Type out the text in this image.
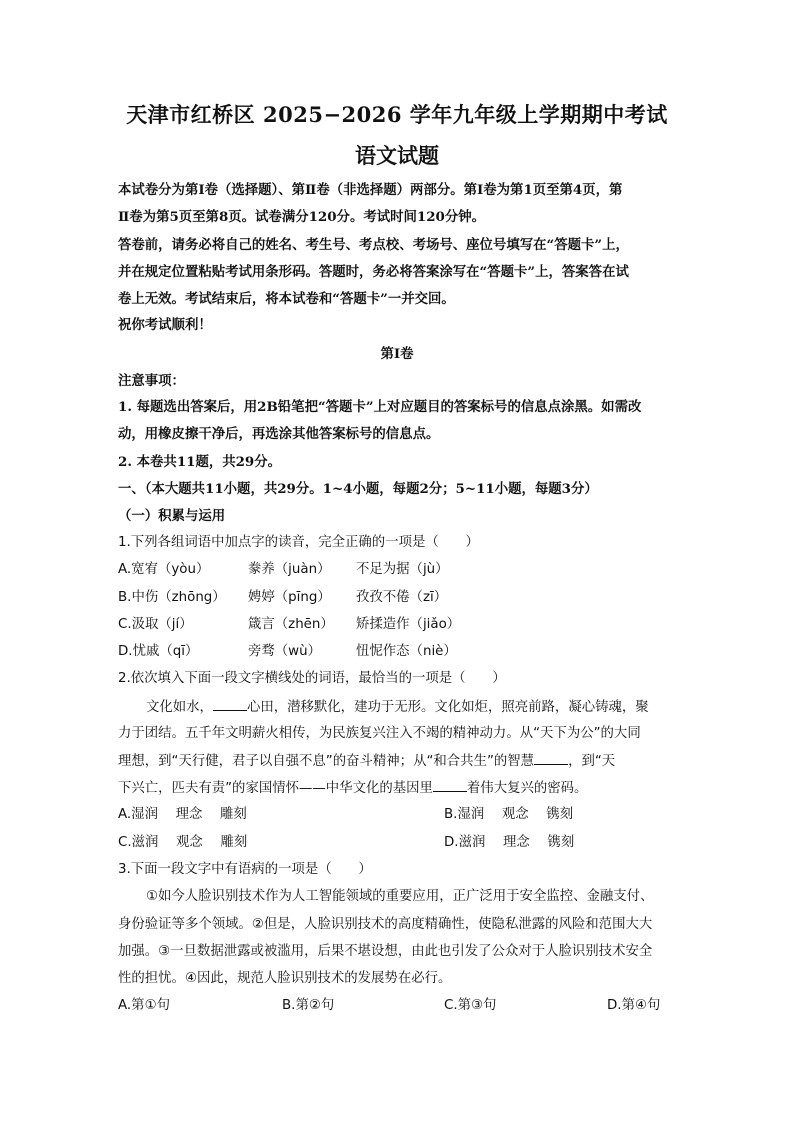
天津市红桥区 2025−2026 学年九年级上学期期中考试
语文试题
本试卷分为第Ⅰ卷（选择题）、第Ⅱ卷（非选择题）两部分。第Ⅰ卷为第1页至第4页，第
Ⅱ卷为第5页至第8页。试卷满分120分。考试时间120分钟。
答卷前，请务必将自己的姓名、考生号、考点校、考场号、座位号填写在“答题卡”上，
并在规定位置粘贴考试用条形码。答题时，务必将答案涂写在“答题卡”上，答案答在试
卷上无效。考试结束后，将本试卷和“答题卡”一并交回。
祝你考试顺利！
第Ⅰ卷
注意事项：
1. 每题选出答案后，用2B铅笔把“答题卡”上对应题目的答案标号的信息点涂黑。如需改
动，用橡皮擦干净后，再选涂其他答案标号的信息点。
2. 本卷共11题，共29分。
一、（本大题共11小题，共29分。1~4小题，每题2分；5~11小题，每题3分）
（一）积累与运用
1.下列各组词语中加点字的读音，完全正确的一项是（　　）
A.宽宥（yòu）	豢养（juàn） 不足为据（jù）
B.中伤（zhōng） 娉婷（pīng） 孜孜不倦（zī）
C.汲取（jí）	箴言（zhēn） 矫揉造作（jiǎo）
D.忧戚（qī）	旁骛（wù）	忸怩作态（niè）
2.依次填入下面一段文字横线处的词语，最恰当的一项是（　　）
文化如水，	心田，潜移默化，建功于无形。文化如炬，照亮前路，凝心铸魂，聚
力于团结。五千年文明薪火相传，为民族复兴注入不竭的精神动力。从“天下为公”的大同
理想，到“天行健，君子以自强不息”的奋斗精神；从“和合共生”的智慧	，到“天
下兴亡，匹夫有责”的家国情怀——中华文化的基因里	着伟大复兴的密码。
A.湿润　 理念　 雕刻	B.湿润　 观念　 镌刻
C.滋润　 观念　 雕刻	D.滋润　 理念　 镌刻
3.下面一段文字中有语病的一项是（　　）
①如今人脸识别技术作为人工智能领域的重要应用，正广泛用于安全监控、金融支付、
身份验证等多个领域。②但是，人脸识别技术的高度精确性，使隐私泄露的风险和范围大大
加强。③一旦数据泄露或被滥用，后果不堪设想，由此也引发了公众对于人脸识别技术安全
性的担忧。④因此，规范人脸识别技术的发展势在必行。
A.第①句	B.第②句	C.第③句	D.第④句
